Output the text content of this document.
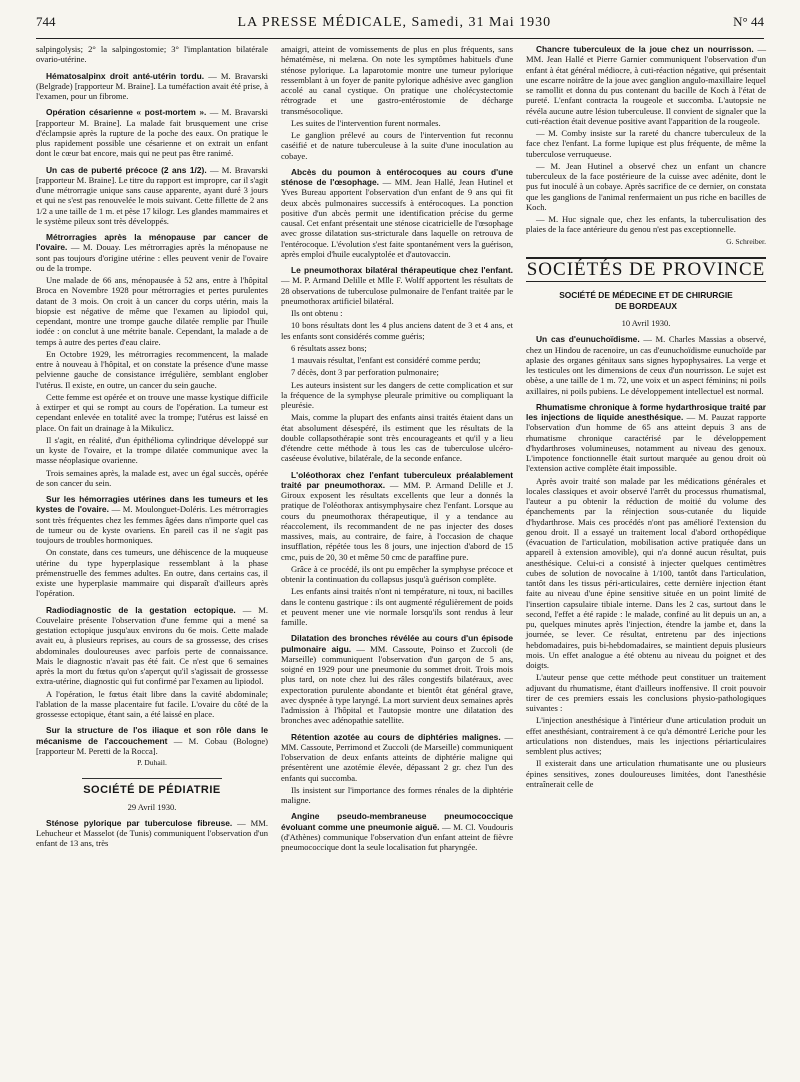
744	LA PRESSE MÉDICALE, Samedi, 31 Mai 1930	N° 44

salpingolysis; 2° la salpingostomie; 3° l'implantation bilatérale ovario-utérine.

Hématosalpinx droit anté-utérin tordu. — M. Bravarski (Belgrade) [rapporteur M. Braine]. La tuméfaction avait été prise, à l'examen, pour un fibrome.

Opération césarienne « post-mortem ». — M. Bravarski [rapporteur M. Braine]. La malade fait brusquement une crise d'éclampsie après la rupture de la poche des eaux. On pratique le plus rapidement possible une césarienne et on extrait un enfant dont le cœur bat encore, mais qui ne peut pas être ranimé.

Un cas de puberté précoce (2 ans 1/2). — M. Bravarski [rapporteur M. Braine]. Le titre du rapport est impropre, car il s'agit d'une métrorragie unique sans cause apparente, ayant duré 3 jours et qui ne s'est pas renouvelée le mois suivant. Cette fillette de 2 ans 1/2 a une taille de 1 m. et pèse 17 kilogr. Les glandes mammaires et le système pileux sont très développés.

Métrorragies après la ménopause par cancer de l'ovaire. — M. Douay. Les métrorragies après la ménopause ne sont pas toujours d'origine utérine : elles peuvent venir de l'ovaire ou de la trompe.

Une malade de 66 ans, ménopausée à 52 ans, entre à l'hôpital Broca en Novembre 1928 pour métrorragies et pertes purulentes datant de 3 mois. On croit à un cancer du corps utérin, mais la biopsie est négative de même que l'examen au lipiodol qui, cependant, montre une trompe gauche dilatée remplie par l'huile iodée : on conclut à une métrite banale. Cependant, la malade a de temps à autre des pertes d'eau claire.

En Octobre 1929, les métrorragies recommencent, la malade entre à nouveau à l'hôpital, et on constate la présence d'une masse pelvienne gauche de consistance irrégulière, semblant englober l'utérus. Il existe, en outre, un cancer du sein gauche.

Cette femme est opérée et on trouve une masse kystique difficile à extirper et qui se rompt au cours de l'opération. La tumeur est cependant enlevée en totalité avec la trompe; l'utérus est laissé en place. On fait un drainage à la Mikulicz.

Il s'agit, en réalité, d'un épithélioma cylindrique développé sur un kyste de l'ovaire, et la trompe dilatée communique avec la masse néoplasique ovarienne.

Trois semaines après, la malade est, avec un égal succès, opérée de son cancer du sein.

Sur les hémorragies utérines dans les tumeurs et les kystes de l'ovaire. — M. Moulonguet-Doléris. Les métrorragies sont très fréquentes chez les femmes âgées dans n'importe quel cas de tumeur ou de kyste ovariens. En pareil cas il ne s'agit pas toujours de troubles hormoniques.

On constate, dans ces tumeurs, une déhiscence de la muqueuse utérine du type hyperplasique ressemblant à la phase prémenstruelle des femmes adultes. En outre, dans certains cas, il existe une hyperplasie mammaire qui disparaît d'ailleurs après l'opération.

Radiodiagnostic de la gestation ectopique. — M. Couvelaire présente l'observation d'une femme qui a mené sa gestation ectopique jusqu'aux environs du 6e mois. Cette malade avait eu, à plusieurs reprises, au cours de sa grossesse, des crises abdominales douloureuses avec parfois perte de connaissance. Mais le diagnostic n'avait pas été fait. Ce n'est que 6 semaines après la mort du fœtus qu'on s'aperçut qu'il s'agissait de grossesse extra-utérine, diagnostic qui fut confirmé par l'examen au lipiodol.

A l'opération, le fœtus était libre dans la cavité abdominale; l'ablation de la masse placentaire fut facile. L'ovaire du côté de la grossesse ectopique, étant sain, a été laissé en place.

Sur la structure de l'os iliaque et son rôle dans le mécanisme de l'accouchement — M. Cobau (Bologne) [rapporteur M. Peretti de la Rocca].

P. Duhail.
SOCIÉTÉ DE PÉDIATRIE
29 Avril 1930.

Sténose pylorique par tuberculose fibreuse. — MM. Lehucheur et Masselot (de Tunis) communiquent l'observation d'un enfant de 13 ans, très

amaigri, atteint de vomissements de plus en plus fréquents, sans hématémèse, ni melæna. On note les symptômes habituels d'une sténose pylorique. La laparotomie montre une tumeur pylorique ressemblant à un foyer de panite pylorique adhésive avec ganglion accolé au canal cystique. On pratique une cholécystectomie rétrograde et une gastro-entérostomie de décharge transmésocolique.

Les suites de l'intervention furent normales.

Le ganglion prélevé au cours de l'intervention fut reconnu caséifié et de nature tuberculeuse à la suite d'une inoculation au cobaye.

Abcès du poumon à entérocoques au cours d'une sténose de l'œsophage. — MM. Jean Hallé, Jean Hutinel et Yves Bureau apportent l'observation d'un enfant de 9 ans qui fit deux abcès pulmonaires successifs à entérocoques. La ponction positive d'un abcès permit une identification précise du germe causal. Cet enfant présentait une sténose cicatricielle de l'œsophage avec grosse dilatation sus-stricturale dans laquelle on retrouva de l'entérocoque. L'évolution s'est faite spontanément vers la guérison, après emploi d'huile eucalyptolée et d'autovaccin.

Le pneumothorax bilatéral thérapeutique chez l'enfant. — M. P. Armand Delille et Mlle F. Wolff apportent les résultats de 28 observations de tuberculose pulmonaire de l'enfant traitée par le pneumothorax artificiel bilatéral.

Ils ont obtenu :

10 bons résultats dont les 4 plus anciens datent de 3 et 4 ans, et les enfants sont considérés comme guéris;

6 résultats assez bons;

1 mauvais résultat, l'enfant est considéré comme perdu;

7 décès, dont 3 par perforation pulmonaire;

Les auteurs insistent sur les dangers de cette complication et sur la fréquence de la symphyse pleurale primitive ou compliquant la pleurésie.

Mais, comme la plupart des enfants ainsi traités étaient dans un état absolument désespéré, ils estiment que les résultats de la double collapsothérapie sont très encourageants et qu'il y a lieu d'étendre cette méthode à tous les cas de tuberculose ulcéro-caséeuse évolutive, bilatérale, de la seconde enfance.

L'oléothorax chez l'enfant tuberculeux préalablement traité par pneumothorax. — MM. P. Armand Delille et J. Giroux exposent les résultats excellents que leur a donnés la pratique de l'oléothorax antisymphysaire chez l'enfant. Lorsque au cours du pneumothorax thérapeutique, il y a tendance au réaccolement, ils recommandent de ne pas injecter des doses massives, mais, au contraire, de faire, à l'occasion de chaque insufflation, répétée tous les 8 jours, une injection d'abord de 15 cmc, puis de 20, 30 et même 50 cmc de paraffine pure.

Grâce à ce procédé, ils ont pu empêcher la symphyse précoce et obtenir la continuation du collapsus jusqu'à guérison complète.

Les enfants ainsi traités n'ont ni température, ni toux, ni bacilles dans le contenu gastrique : ils ont augmenté régulièrement de poids et peuvent mener une vie normale lorsqu'ils sont rendus à leur famille.

Dilatation des bronches révélée au cours d'un épisode pulmonaire aigu. — MM. Cassoute, Poinso et Zuccoli (de Marseille) communiquent l'observation d'un garçon de 5 ans, soigné en 1929 pour une pneumonie du sommet droit. Trois mois plus tard, on note chez lui des râles congestifs bilatéraux, avec expectoration purulente abondante et bientôt état général grave, avec dyspnée à type laryngé. La mort survient deux semaines après l'admission à l'hôpital et l'autopsie montre une dilatation des bronches avec adénopathie satellite.

Rétention azotée au cours de diphtéries malignes. — MM. Cassoute, Perrimond et Zuccoli (de Marseille) communiquent l'observation de deux enfants atteints de diphtérie maligne qui présentèrent une azotémie élevée, dépassant 2 gr. chez l'un des enfants qui succomba.

Ils insistent sur l'importance des formes rénales de la diphtérie maligne.

Angine pseudo-membraneuse pneumococcique évoluant comme une pneumonie aiguë. — M. Cl. Voudouris (d'Athènes) communique l'observation d'un enfant atteint de fièvre pneumococcique dont la seule localisation fut pharyngée.

Chancre tuberculeux de la joue chez un nourrisson. — MM. Jean Hallé et Pierre Garnier communiquent l'observation d'un enfant à état général médiocre, à cuti-réaction négative, qui présentait une escarre noirâtre de la joue avec ganglion angulo-maxillaire lequel se ramollit et donna du pus contenant du bacille de Koch à l'état de pureté. L'enfant contracta la rougeole et succomba. L'autopsie ne révéla aucune autre lésion tuberculeuse. Il convient de signaler que la cuti-réaction était devenue positive avant l'apparition de la rougeole.

— M. Comby insiste sur la rareté du chancre tuberculeux de la face chez l'enfant. La forme lupique est plus fréquente, de même la tuberculose verruqueuse.

— M. Jean Hutinel a observé chez un enfant un chancre tuberculeux de la face postérieure de la cuisse avec adénite, dont le pus fut inoculé à un cobaye. Après sacrifice de ce dernier, on constata que les ganglions de l'animal renfermaient un pus riche en bacilles de Koch.

— M. Huc signale que, chez les enfants, la tuberculisation des plaies de la face antérieure du genou n'est pas exceptionnelle.

G. Schreiber.
SOCIÉTÉS DE PROVINCE
SOCIÉTÉ DE MÉDECINE ET DE CHIRURGIE
DE BORDEAUX
10 Avril 1930.

Un cas d'eunuchoïdisme. — M. Charles Massias a observé, chez un Hindou de racenoire, un cas d'eunuchoïdisme eunuchoïde par aplasie des organes génitaux sans signes hypophysaires. La verge et les testicules ont les dimensions de ceux d'un nourrisson. Le sujet est obèse, a une taille de 1 m. 72, une voix et un aspect féminins; ni poils axillaires, ni poils pubiens. Le développement intellectuel est normal.

Rhumatisme chronique à forme hydarthrosique traité par les injections de liquide anesthésique. — M. Pauzat rapporte l'observation d'un homme de 65 ans atteint depuis 3 ans de rhumatisme chronique caractérisé par le développement d'hydarthroses volumineuses, notamment au niveau des genoux. L'impotence fonctionnelle était surtout marquée au genou droit où l'extension active complète était impossible.

Après avoir traité son malade par les médications générales et locales classiques et avoir observé l'arrêt du processus rhumatismal, l'auteur a pu obtenir la réduction de moitié du volume des épanchements par la réinjection sous-cutanée du liquide d'hydarthrose. Mais ces procédés n'ont pas amélioré l'extension du genou droit. Il a essayé un traitement local d'abord orthopédique (évacuation de l'articulation, mobilisation active pratiquée dans un appareil à extension amovible), qui n'a donné aucun résultat, puis anesthésique. Celui-ci a consisté à injecter quelques centimètres cubes de solution de novocaïne à 1/100, tantôt dans l'articulation, tantôt dans les tissus péri-articulaires, cette dernière injection étant faite au niveau d'une épine sensitive située en un point limité de l'insertion capsulaire tibiale interne. Dans les 2 cas, surtout dans le second, l'effet a été rapide : le malade, confiné au lit depuis un an, a pu, quelques minutes après l'injection, étendre la jambe et, dans la journée, se lever. Ce résultat, entretenu par des injections hebdomadaires, puis bi-hebdomadaires, se maintient depuis plusieurs mois. Un effet analogue a été obtenu au niveau du poignet et des doigts.

L'auteur pense que cette méthode peut constituer un traitement adjuvant du rhumatisme, étant d'ailleurs inoffensive. Il croit pouvoir tirer de ces premiers essais les conclusions physio-pathologiques suivantes :

L'injection anesthésique à l'intérieur d'une articulation produit un effet anesthésiant, contrairement à ce qu'a démontré Leriche pour les articulations non distendues, mais les injections périarticulaires semblent plus actives;

Il existerait dans une articulation rhumatisante une ou plusieurs épines sensitives, zones douloureuses limitées, dont l'anesthésie entraînerait celle de
